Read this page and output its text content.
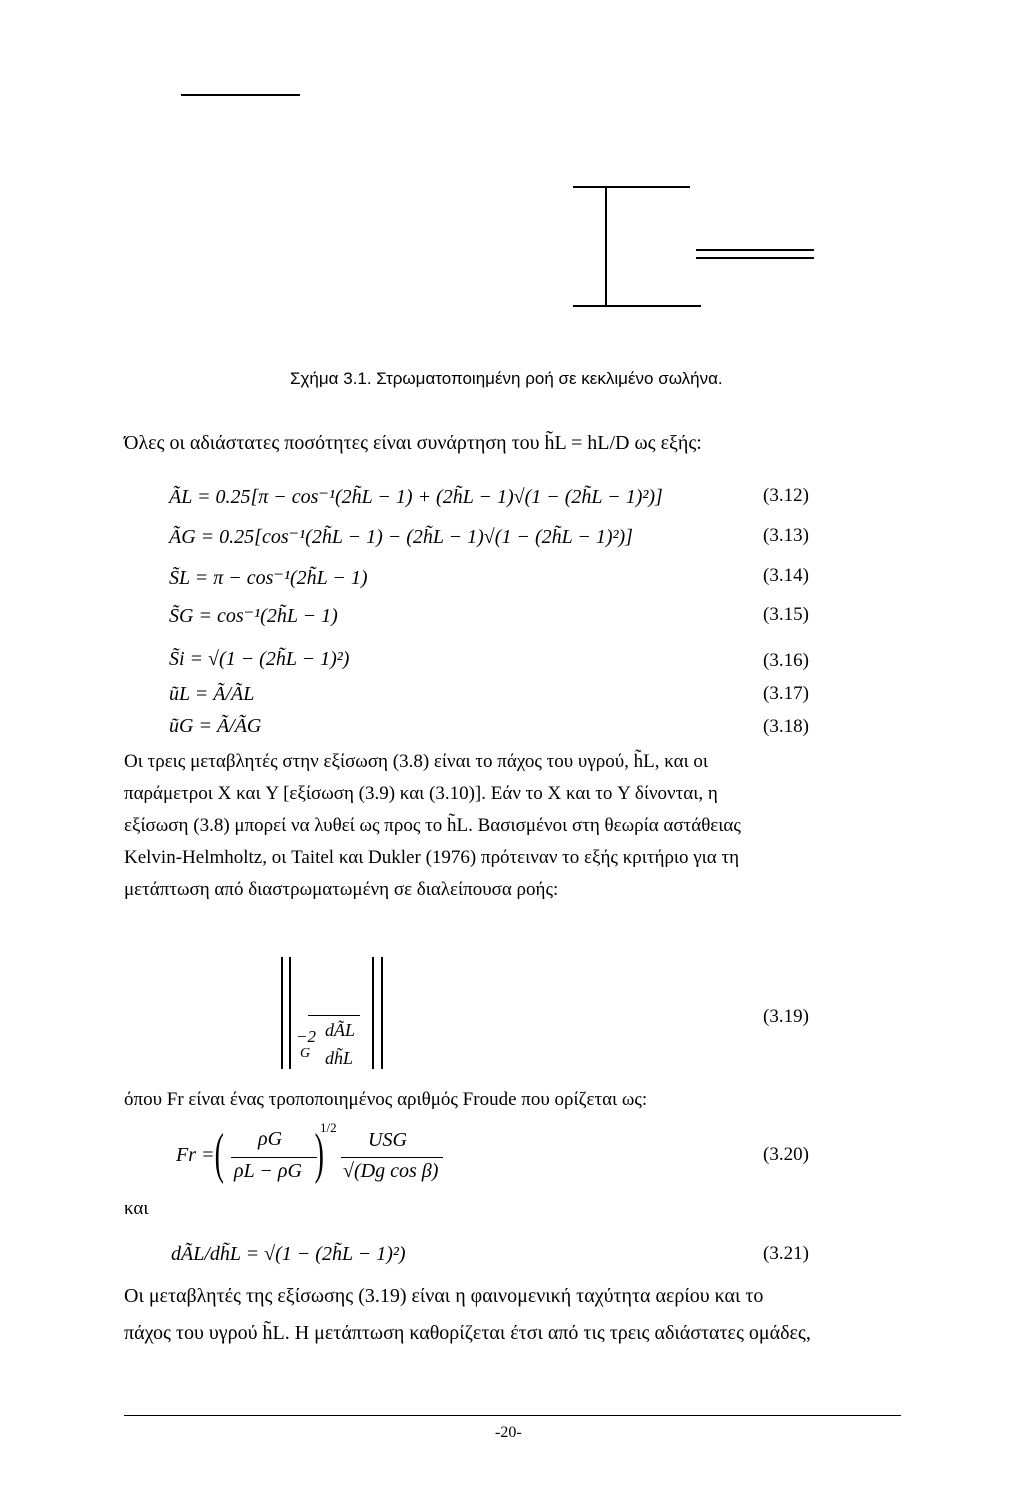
Σχήμα 3.1. Στρωματοποιημένη ροή σε κεκλιμένο σωλήνα.
Όλες οι αδιάστατες ποσότητες είναι συνάρτηση του h̃L = hL/D ως εξής:
ÃL = 0.25[π − cos⁻¹(2h̃L − 1) + (2h̃L − 1)√(1 − (2h̃L − 1)²)]	(3.12)
ÃG = 0.25[cos⁻¹(2h̃L − 1) − (2h̃L − 1)√(1 − (2h̃L − 1)²)]	(3.13)
S̃L = π − cos⁻¹(2h̃L − 1)	(3.14)
S̃G = cos⁻¹(2h̃L − 1)	(3.15)
S̃i = √(1 − (2h̃L − 1)²)	(3.16)
ũL = Ã/ÃL	(3.17)
ũG = Ã/ÃG	(3.18)
Οι τρεις μεταβλητές στην εξίσωση (3.8) είναι το πάχος του υγρού, h̃L, και οι
παράμετροι X και Y [εξίσωση (3.9) και (3.10)]. Εάν το X και το Y δίνονται, η
εξίσωση (3.8) μπορεί να λυθεί ως προς το h̃L. Βασισμένοι στη θεωρία αστάθειας
Kelvin-Helmholtz, οι Taitel και Dukler (1976) πρότειναν το εξής κριτήριο για τη
μετάπτωση από διαστρωματωμένη σε διαλείπουσα ροής:
−2 dÃL
G dh̃L
(3.19)
όπου Fr είναι ένας τροποποιημένος αριθμός Froude που ορίζεται ως:
Fr = ( ρG
ρL − ρG )
1/2
USG
√(Dg cos β)
(3.20)
και
dÃL/dh̃L = √(1 − (2h̃L − 1)²)	(3.21)
Οι μεταβλητές της εξίσωσης (3.19) είναι η φαινομενική ταχύτητα αερίου και το
πάχος του υγρού h̃L. Η μετάπτωση καθορίζεται έτσι από τις τρεις αδιάστατες ομάδες,
-20-
